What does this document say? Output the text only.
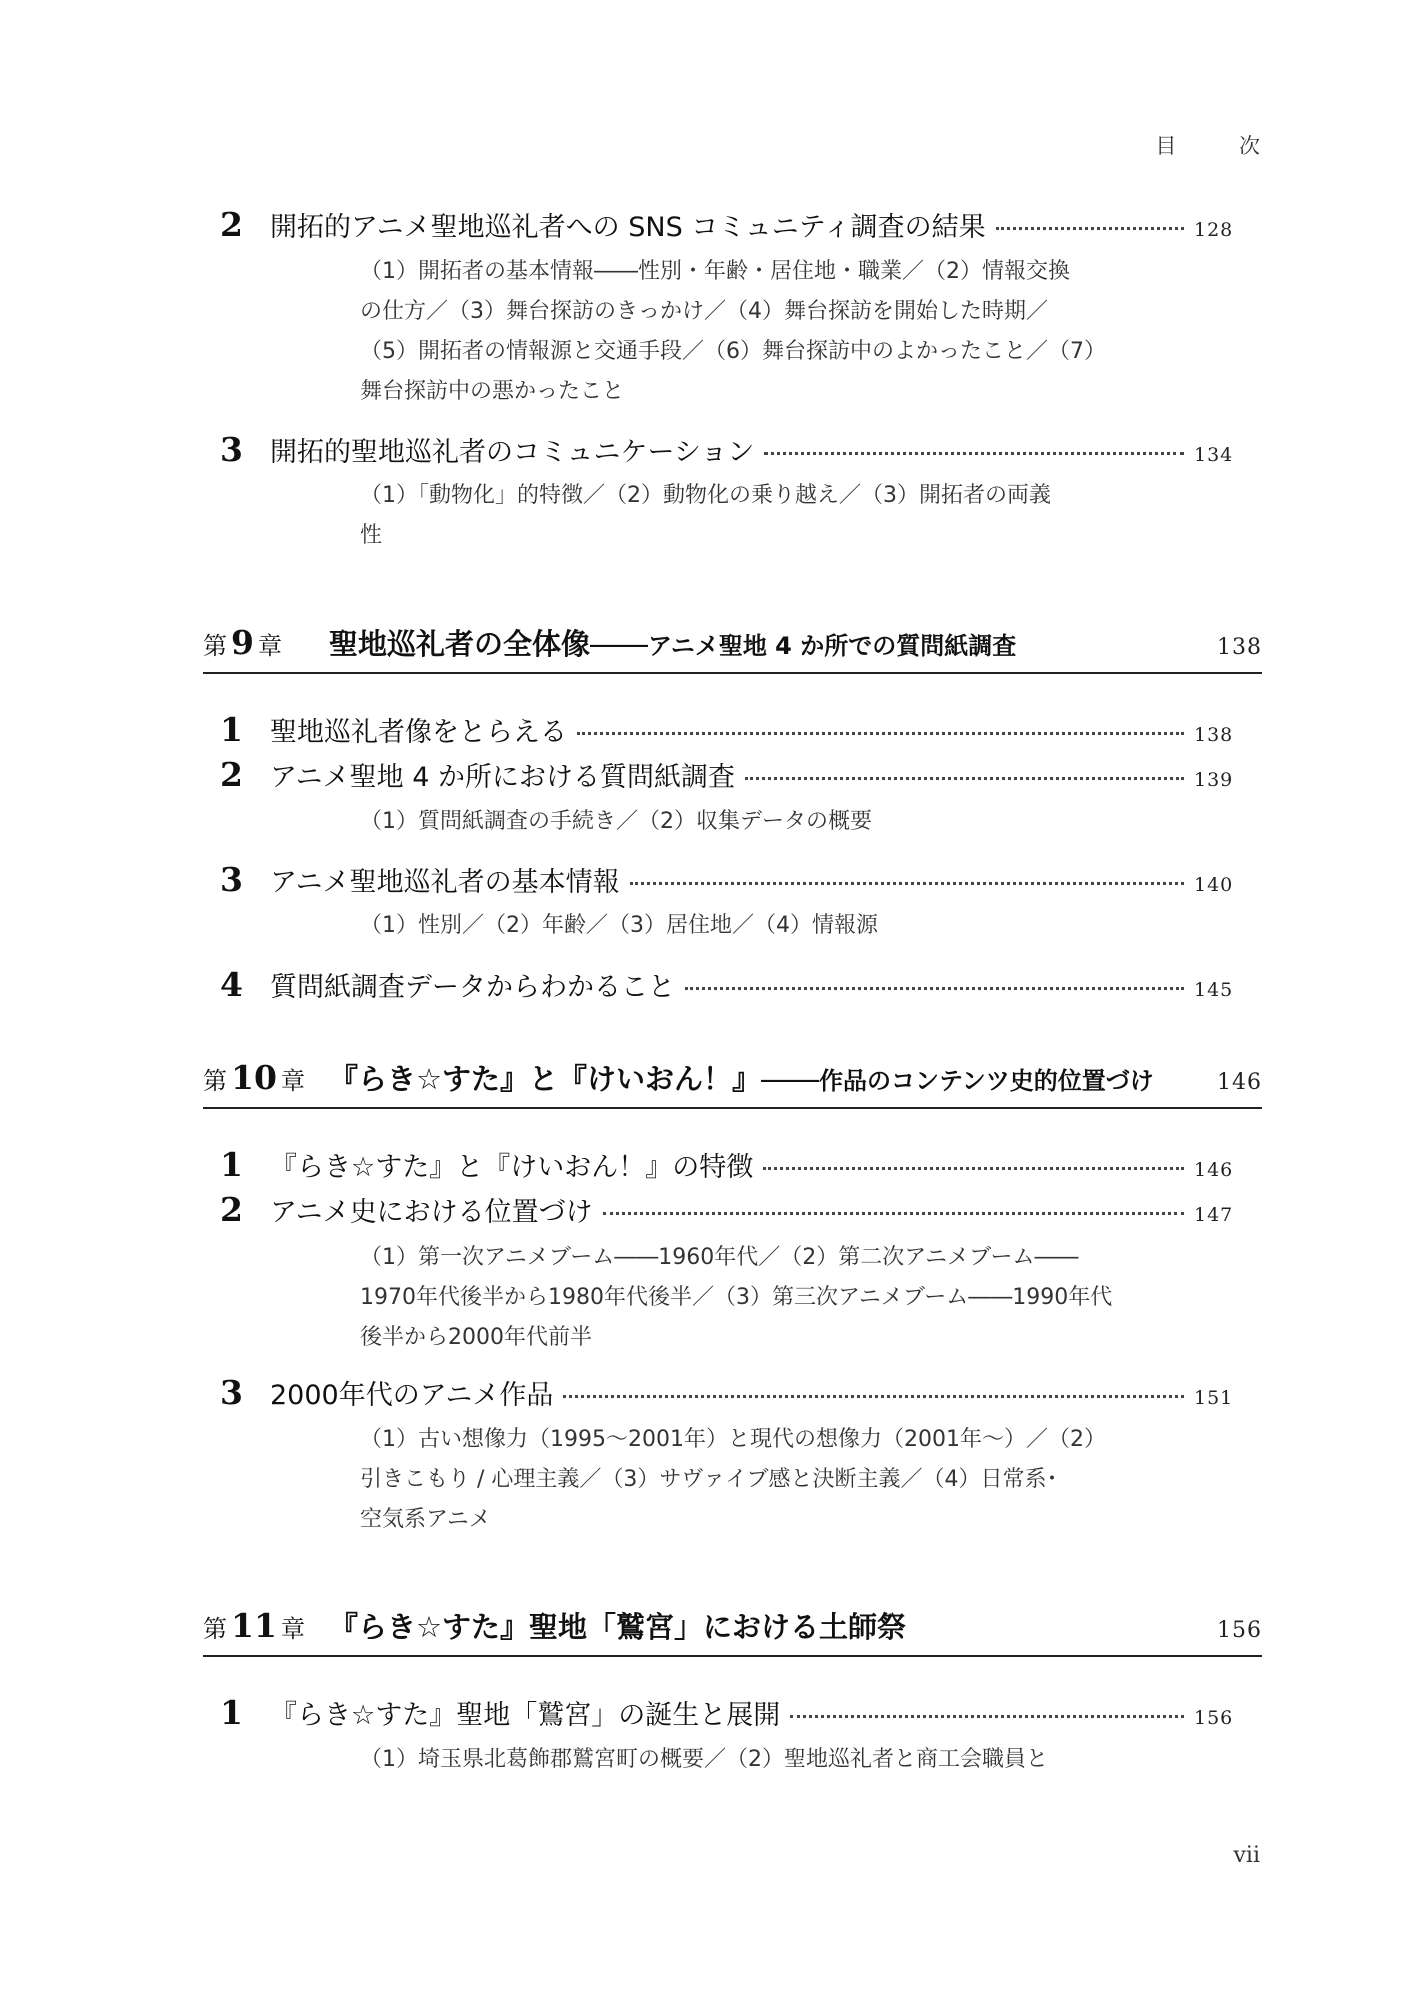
目 次
2	開拓的アニメ聖地巡礼者への SNS コミュニティ調査の結果	128
（1）開拓者の基本情報――性別・年齢・居住地・職業／（2）情報交換
の仕方／（3）舞台探訪のきっかけ／（4）舞台探訪を開始した時期／
（5）開拓者の情報源と交通手段／（6）舞台探訪中のよかったこと／（7）
舞台探訪中の悪かったこと
3	開拓的聖地巡礼者のコミュニケーション	134
（1）「動物化」的特徴／（2）動物化の乗り越え／（3）開拓者の両義
性
第 9 章 聖地巡礼者の全体像――アニメ聖地 4 か所での質問紙調査	138
1	聖地巡礼者像をとらえる	138
2	アニメ聖地 4 か所における質問紙調査	139
（1）質問紙調査の手続き／（2）収集データの概要
3	アニメ聖地巡礼者の基本情報	140
（1）性別／（2）年齢／（3）居住地／（4）情報源
4	質問紙調査データからわかること	145
第 10 章 『らき☆すた』と『けいおん！』――作品のコンテンツ史的位置づけ	146
1	『らき☆すた』と『けいおん！』の特徴	146
2	アニメ史における位置づけ	147
（1）第一次アニメブーム――1960年代／（2）第二次アニメブーム――
1970年代後半から1980年代後半／（3）第三次アニメブーム――1990年代
後半から2000年代前半
3	2000年代のアニメ作品	151
（1）古い想像力（1995～2001年）と現代の想像力（2001年～）／（2）
引きこもり / 心理主義／（3）サヴァイブ感と決断主義／（4）日常系･
空気系アニメ
第 11 章 『らき☆すた』聖地「鷲宮」における土師祭	156
1	『らき☆すた』聖地「鷲宮」の誕生と展開	156
（1）埼玉県北葛飾郡鷲宮町の概要／（2）聖地巡礼者と商工会職員と
vii
